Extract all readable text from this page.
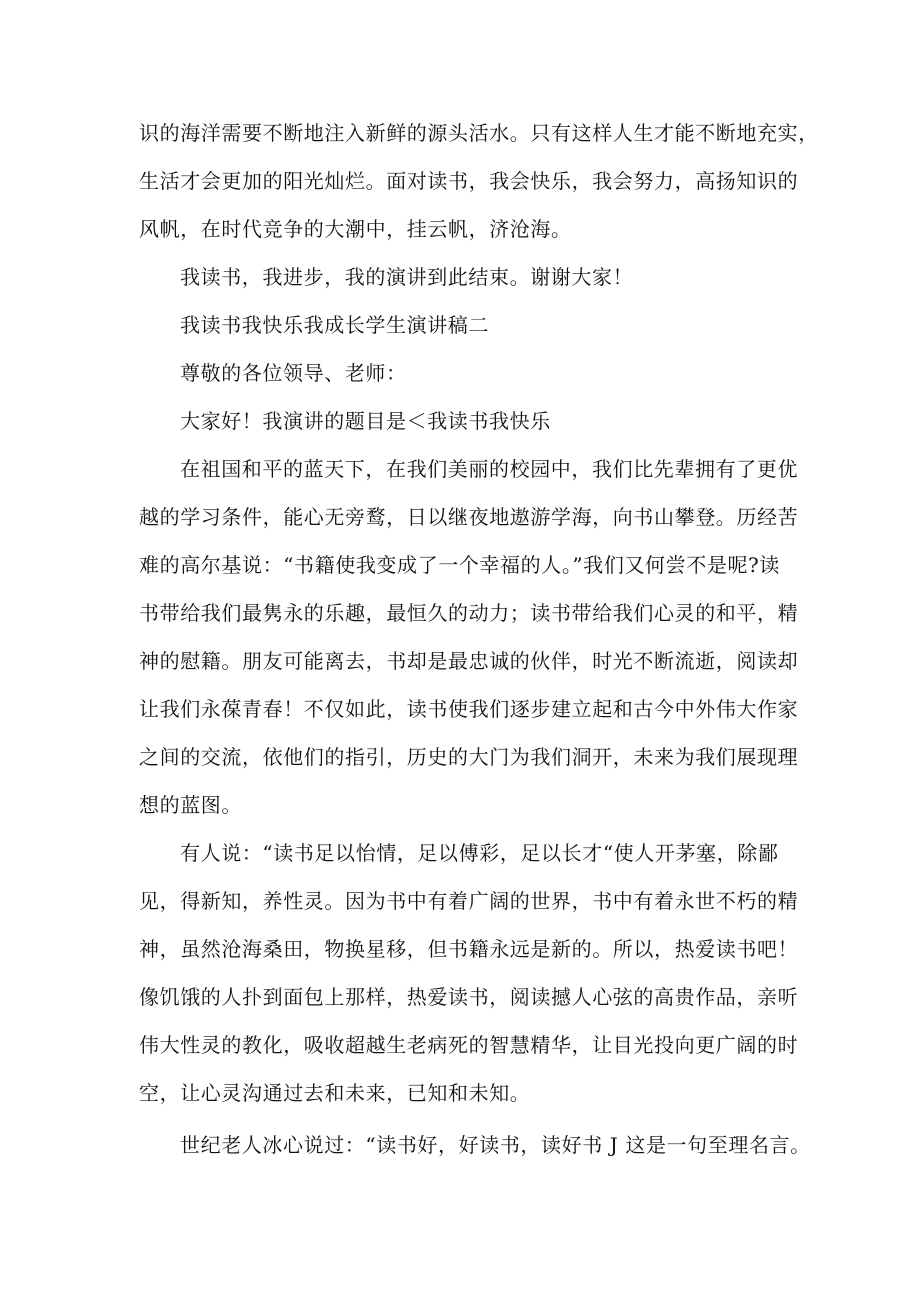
识的海洋需要不断地注入新鲜的源头活水。只有这样人生才能不断地充实，
生活才会更加的阳光灿烂。面对读书，我会快乐，我会努力，高扬知识的
风帆，在时代竞争的大潮中，挂云帆，济沧海。
我读书，我进步，我的演讲到此结束。谢谢大家！
我读书我快乐我成长学生演讲稿二
尊敬的各位领导、老师：
大家好！我演讲的题目是＜我读书我快乐
在祖国和平的蓝天下，在我们美丽的校园中，我们比先辈拥有了更优
越的学习条件，能心无旁鹜，日以继夜地遨游学海，向书山攀登。历经苦
难的高尔基说：“书籍使我变成了一个幸福的人。”我们又何尝不是呢?读
书带给我们最隽永的乐趣，最恒久的动力；读书带给我们心灵的和平，精
神的慰籍。朋友可能离去，书却是最忠诚的伙伴，时光不断流逝，阅读却
让我们永葆青春！不仅如此，读书使我们逐步建立起和古今中外伟大作家
之间的交流，依他们的指引，历史的大门为我们洞开，未来为我们展现理
想的蓝图。
有人说：“读书足以怡情，足以傅彩，足以长才“使人开茅塞，除鄙
见，得新知，养性灵。因为书中有着广阔的世界，书中有着永世不朽的精
神，虽然沧海桑田，物换星移，但书籍永远是新的。所以，热爱读书吧！
像饥饿的人扑到面包上那样，热爱读书，阅读撼人心弦的高贵作品，亲听
伟大性灵的教化，吸收超越生老病死的智慧精华，让目光投向更广阔的时
空，让心灵沟通过去和未来，已知和未知。
世纪老人冰心说过：“读书好，好读书，读好书 J 这是一句至理名言。
